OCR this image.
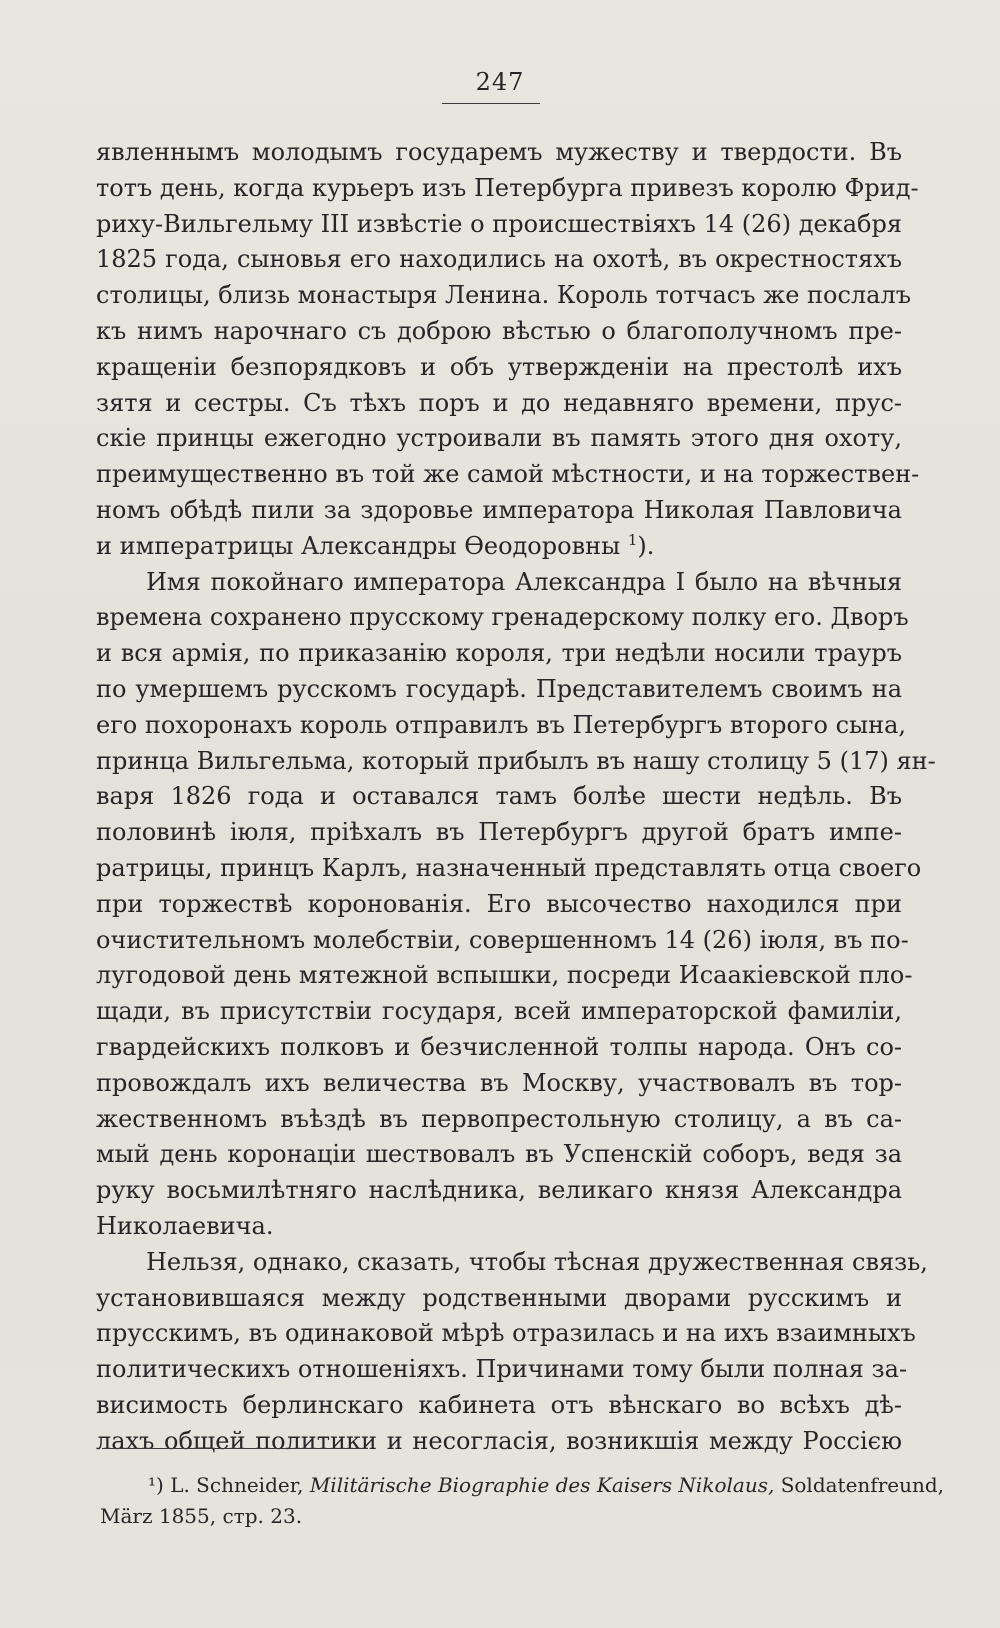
247
явленнымъ молодымъ государемъ мужеству и твердости. Въ
тотъ день, когда курьеръ изъ Петербурга привезъ королю Фрид-
риху-Вильгельму III извѣстіе о происшествіяхъ 14 (26) декабря
1825 года, сыновья его находились на охотѣ, въ окрестностяхъ
столицы, близь монастыря Ленина. Король тотчасъ же послалъ
къ нимъ нарочнаго съ доброю вѣстью о благополучномъ пре-
кращеніи безпорядковъ и объ утвержденіи на престолѣ ихъ
зятя и сестры. Съ тѣхъ поръ и до недавняго времени, прус-
скіе принцы ежегодно устроивали въ память этого дня охоту,
преимущественно въ той же самой мѣстности, и на торжествен-
номъ обѣдѣ пили за здоровье императора Николая Павловича
и императрицы Александры Ѳеодоровны $^1$).
Имя покойнаго императора Александра I было на вѣчныя
времена сохранено прусскому гренадерскому полку его. Дворъ
и вся армія, по приказанію короля, три недѣли носили трауръ
по умершемъ русскомъ государѣ. Представителемъ своимъ на
его похоронахъ король отправилъ въ Петербургъ второго сына,
принца Вильгельма, который прибылъ въ нашу столицу 5 (17) ян-
варя 1826 года и оставался тамъ болѣе шести недѣль. Въ
половинѣ іюля, пріѣхалъ въ Петербургъ другой братъ импе-
ратрицы, принцъ Карлъ, назначенный представлять отца своего
при торжествѣ коронованія. Его высочество находился при
очистительномъ молебствіи, совершенномъ 14 (26) іюля, въ по-
лугодовой день мятежной вспышки, посреди Исаакіевской пло-
щади, въ присутствіи государя, всей императорской фамиліи,
гвардейскихъ полковъ и безчисленной толпы народа. Онъ со-
провождалъ ихъ величества въ Москву, участвовалъ въ тор-
жественномъ въѣздѣ въ первопрестольную столицу, а въ са-
мый день коронаціи шествовалъ въ Успенскій соборъ, ведя за
руку восьмилѣтняго наслѣдника, великаго князя Александра
Николаевича.
Нельзя, однако, сказать, чтобы тѣсная дружественная связь,
установившаяся между родственными дворами русскимъ и
прусскимъ, въ одинаковой мѣрѣ отразилась и на ихъ взаимныхъ
политическихъ отношеніяхъ. Причинами тому были полная за-
висимость берлинскаго кабинета отъ вѣнскаго во всѣхъ дѣ-
лахъ общей политики и несогласія, возникшія между Россією
¹) L. Schneider, Militärische Biographie des Kaisers Nikolaus, Soldatenfreund,
März 1855, стр. 23.
